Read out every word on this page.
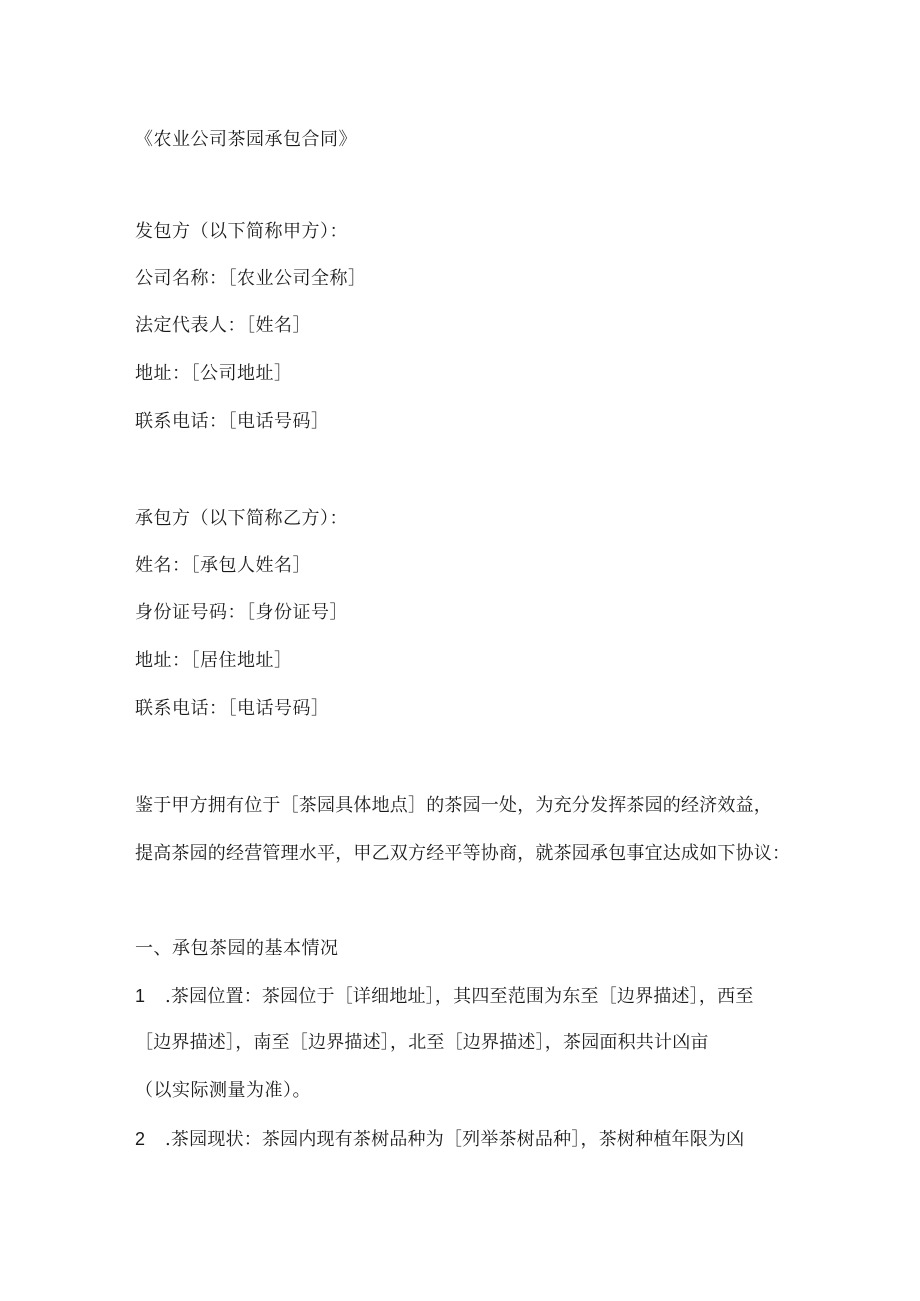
《农业公司茶园承包合同》

发包方（以下简称甲方）：

公司名称：［农业公司全称］

法定代表人：［姓名］

地址：［公司地址］

联系电话：［电话号码］

承包方（以下简称乙方）：

姓名：［承包人姓名］

身份证号码：［身份证号］

地址：［居住地址］

联系电话：［电话号码］

鉴于甲方拥有位于［茶园具体地点］的茶园一处，为充分发挥茶园的经济效益，

提高茶园的经营管理水平，甲乙双方经平等协商，就茶园承包事宜达成如下协议：

一、承包茶园的基本情况

1 .茶园位置：茶园位于［详细地址］，其四至范围为东至［边界描述］，西至

［边界描述］，南至［边界描述］，北至［边界描述］，茶园面积共计凶亩

（以实际测量为准）。

2 .茶园现状：茶园内现有茶树品种为［列举茶树品种］，茶树种植年限为凶
